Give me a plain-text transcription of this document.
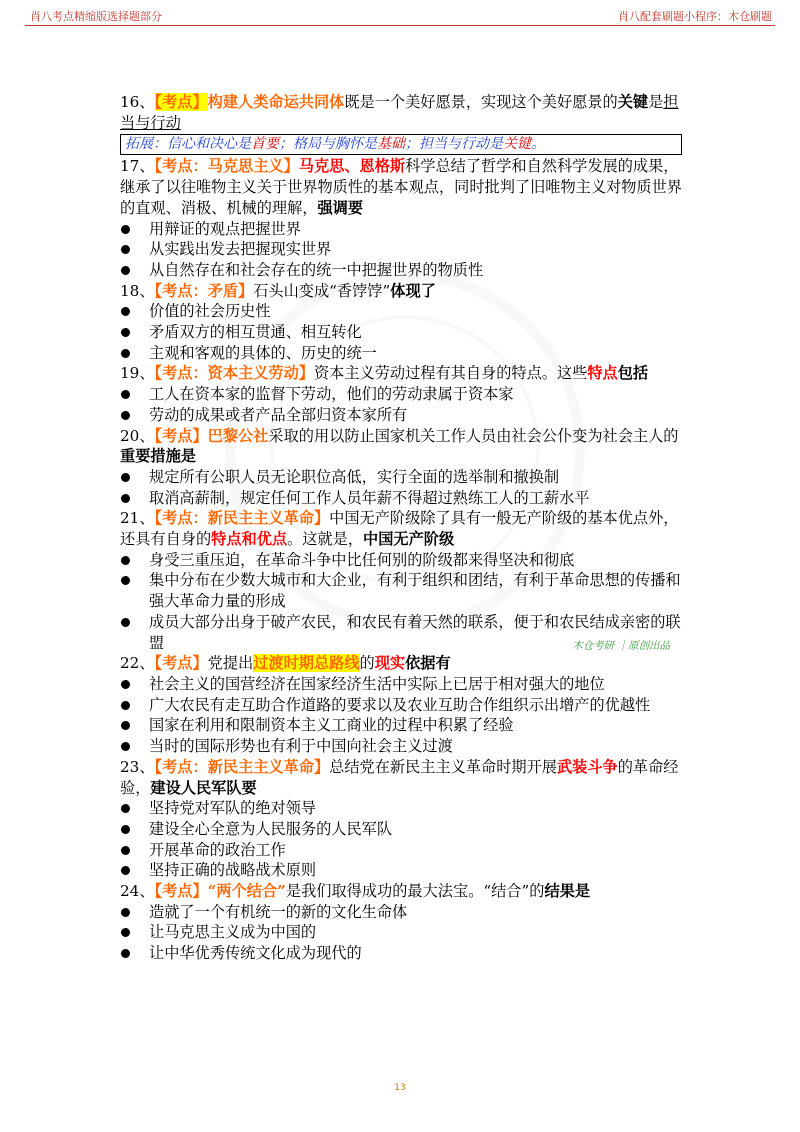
肖八考点精缩版选择题部分	肖八配套刷题小程序：木仓刷题

16、【考点】构建人类命运共同体既是一个美好愿景，实现这个美好愿景的关键是担当与行动

拓展：信心和决心是首要；格局与胸怀是基础；担当与行动是关键。

17、【考点：马克思主义】马克思、恩格斯科学总结了哲学和自然科学发展的成果，继承了以往唯物主义关于世界物质性的基本观点，同时批判了旧唯物主义对物质世界的直观、消极、机械的理解，强调要

用辩证的观点把握世界
从实践出发去把握现实世界
从自然存在和社会存在的统一中把握世界的物质性

18、【考点：矛盾】石头山变成“香饽饽”体现了

价值的社会历史性
矛盾双方的相互贯通、相互转化
主观和客观的具体的、历史的统一

19、【考点：资本主义劳动】资本主义劳动过程有其自身的特点。这些特点包括

工人在资本家的监督下劳动，他们的劳动隶属于资本家
劳动的成果或者产品全部归资本家所有

20、【考点】巴黎公社采取的用以防止国家机关工作人员由社会公仆变为社会主人的重要措施是

规定所有公职人员无论职位高低，实行全面的选举制和撤换制
取消高薪制，规定任何工作人员年薪不得超过熟练工人的工薪水平

21、【考点：新民主主义革命】中国无产阶级除了具有一般无产阶级的基本优点外，还具有自身的特点和优点。这就是，中国无产阶级

身受三重压迫，在革命斗争中比任何别的阶级都来得坚决和彻底
集中分布在少数大城市和大企业，有利于组织和团结，有利于革命思想的传播和强大革命力量的形成
成员大部分出身于破产农民，和农民有着天然的联系，便于和农民结成亲密的联盟	木仓考研 ｜原创出品

22、【考点】党提出过渡时期总路线的现实依据有

社会主义的国营经济在国家经济生活中实际上已居于相对强大的地位
广大农民有走互助合作道路的要求以及农业互助合作组织示出增产的优越性
国家在利用和限制资本主义工商业的过程中积累了经验
当时的国际形势也有利于中国向社会主义过渡

23、【考点：新民主主义革命】总结党在新民主主义革命时期开展武装斗争的革命经验，建设人民军队要

坚持党对军队的绝对领导
建设全心全意为人民服务的人民军队
开展革命的政治工作
坚持正确的战略战术原则

24、【考点】“两个结合”是我们取得成功的最大法宝。“结合”的结果是

造就了一个有机统一的新的文化生命体
让马克思主义成为中国的
让中华优秀传统文化成为现代的
13
